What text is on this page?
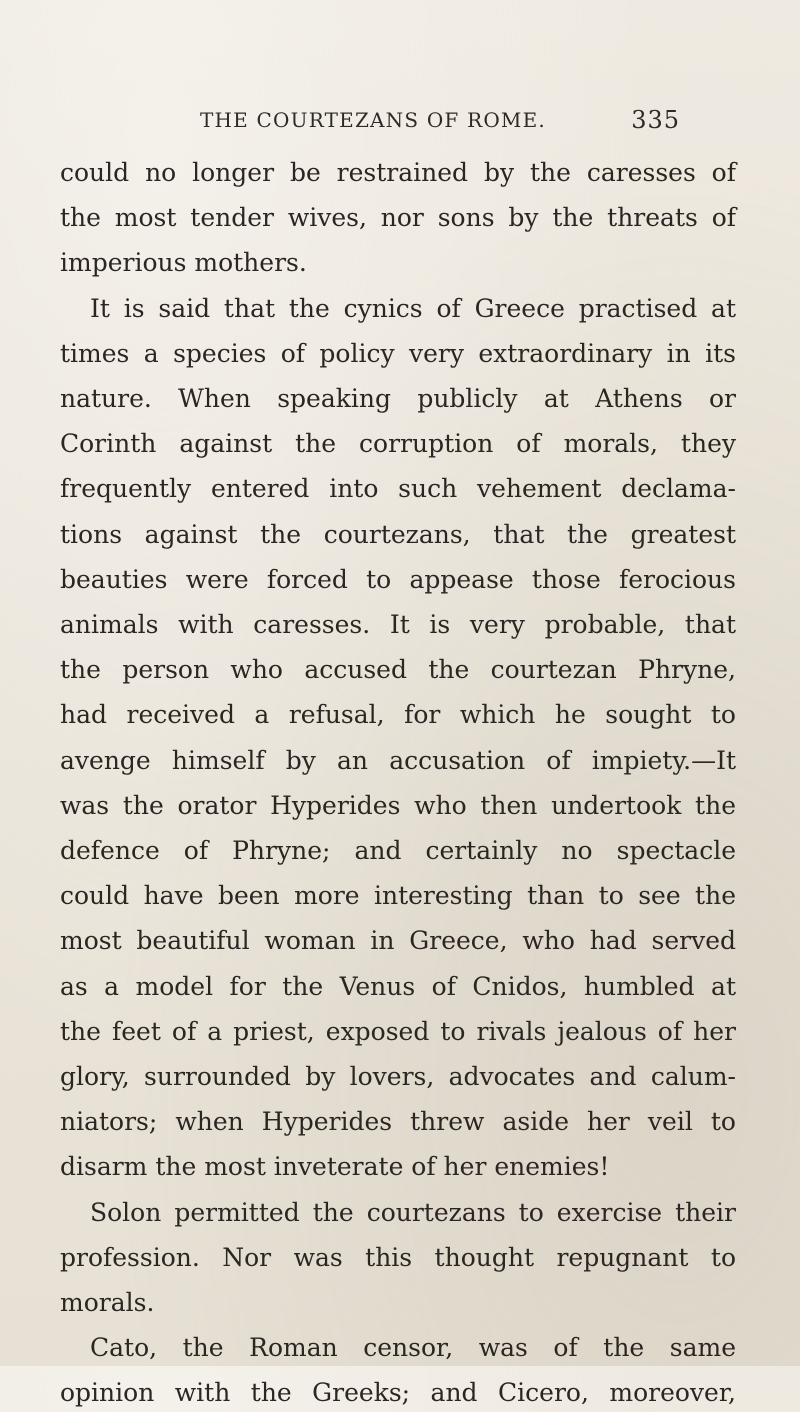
THE COURTEZANS OF ROME.	335
could no longer be restrained by the caresses of
the most tender wives, nor sons by the threats of
imperious mothers.
It is said that the cynics of Greece practised at
times a species of policy very extraordinary in its
nature. When speaking publicly at Athens or
Corinth against the corruption of morals, they
frequently entered into such vehement declama-
tions against the courtezans, that the greatest
beauties were forced to appease those ferocious
animals with caresses. It is very probable, that
the person who accused the courtezan Phryne,
had received a refusal, for which he sought to
avenge himself by an accusation of impiety.—It
was the orator Hyperides who then undertook the
defence of Phryne; and certainly no spectacle
could have been more interesting than to see the
most beautiful woman in Greece, who had served
as a model for the Venus of Cnidos, humbled at
the feet of a priest, exposed to rivals jealous of her
glory, surrounded by lovers, advocates and calum-
niators; when Hyperides threw aside her veil to
disarm the most inveterate of her enemies!
Solon permitted the courtezans to exercise their
profession. Nor was this thought repugnant to
morals.
Cato, the Roman censor, was of the same
opinion with the Greeks; and Cicero, moreover,
